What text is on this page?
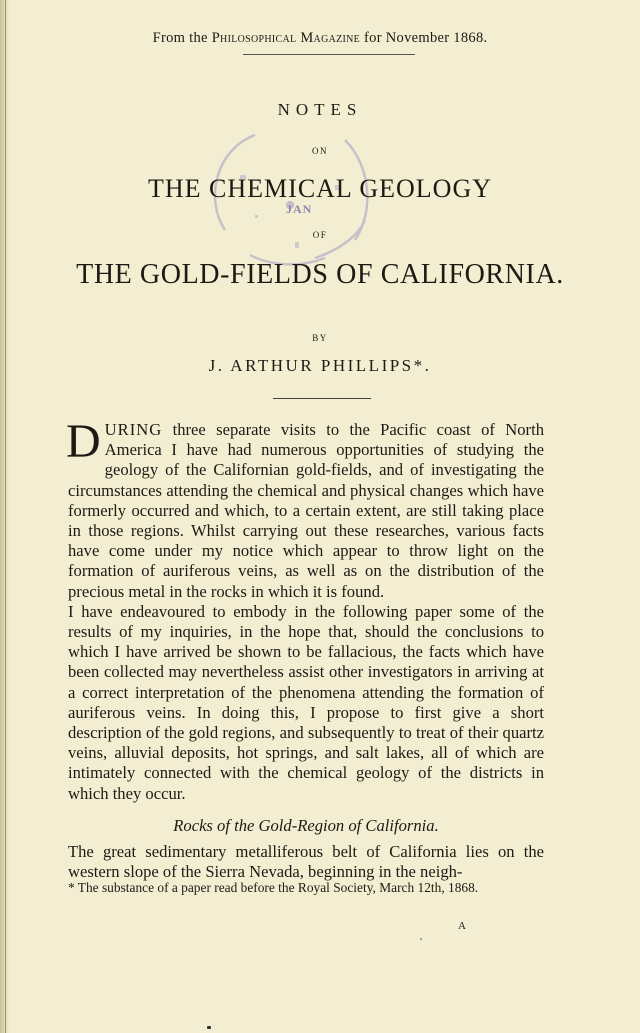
From the Philosophical Magazine for November 1868.
JAN
NOTES
ON
THE CHEMICAL GEOLOGY
OF
THE GOLD-FIELDS OF CALIFORNIA.
BY
J. ARTHUR PHILLIPS*.

DURING three separate visits to the Pacific coast of North America I have had numerous opportunities of studying the geology of the Californian gold-fields, and of investigating the circumstances attending the chemical and physical changes which have formerly occurred and which, to a certain extent, are still taking place in those regions. Whilst carrying out these researches, various facts have come under my notice which appear to throw light on the formation of auriferous veins, as well as on the distribution of the precious metal in the rocks in which it is found.

I have endeavoured to embody in the following paper some of the results of my inquiries, in the hope that, should the conclusions to which I have arrived be shown to be fallacious, the facts which have been collected may nevertheless assist other investigators in arriving at a correct interpretation of the phenomena attending the formation of auriferous veins. In doing this, I propose to first give a short description of the gold regions, and subsequently to treat of their quartz veins, alluvial deposits, hot springs, and salt lakes, all of which are intimately connected with the chemical geology of the districts in which they occur.

Rocks of the Gold-Region of California.

The great sedimentary metalliferous belt of California lies on the western slope of the Sierra Nevada, beginning in the neigh-

* The substance of a paper read before the Royal Society, March 12th, 1868.

A
